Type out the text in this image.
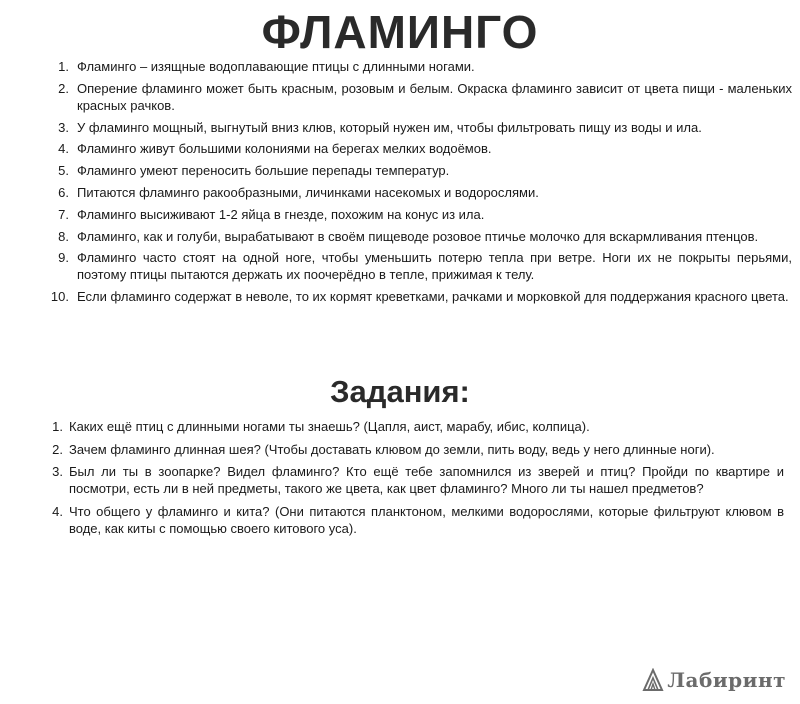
ФЛАМИНГО
1. Фламинго – изящные водоплавающие птицы с длинными ногами.
2. Оперение фламинго может быть красным, розовым и белым. Окраска фламинго зависит от цвета пищи - маленьких красных рачков.
3. У фламинго мощный, выгнутый вниз клюв, который нужен им, чтобы фильтровать пищу из воды и ила.
4. Фламинго живут большими колониями на берегах мелких водоёмов.
5. Фламинго умеют переносить большие перепады температур.
6. Питаются фламинго ракообразными, личинками насекомых и водорослями.
7. Фламинго высиживают 1-2 яйца в гнезде, похожим на конус из ила.
8. Фламинго, как и голуби, вырабатывают в своём пищеводе розовое птичье молочко для вскармливания птенцов.
9. Фламинго часто стоят на одной ноге, чтобы уменьшить потерю тепла при ветре. Ноги их не покрыты перьями, поэтому птицы пытаются держать их поочерёдно в тепле, прижимая к телу.
10. Если фламинго содержат в неволе, то их кормят креветками, рачками и морковкой для поддержания красного цвета.
Задания:
1. Каких ещё птиц с длинными ногами ты знаешь? (Цапля, аист, марабу, ибис, колпица).
2. Зачем фламинго длинная шея? (Чтобы доставать клювом до земли, пить воду, ведь у него длинные ноги).
3. Был ли ты в зоопарке? Видел фламинго? Кто ещё тебе запомнился из зверей и птиц? Пройди по квартире и посмотри, есть ли в ней предметы, такого же цвета, как цвет фламинго? Много ли ты нашел предметов?
4. Что общего у фламинго и кита? (Они питаются планктоном, мелкими водорослями, которые фильтруют клювом в воде, как киты с помощью своего китового уса).
Лабиринт
